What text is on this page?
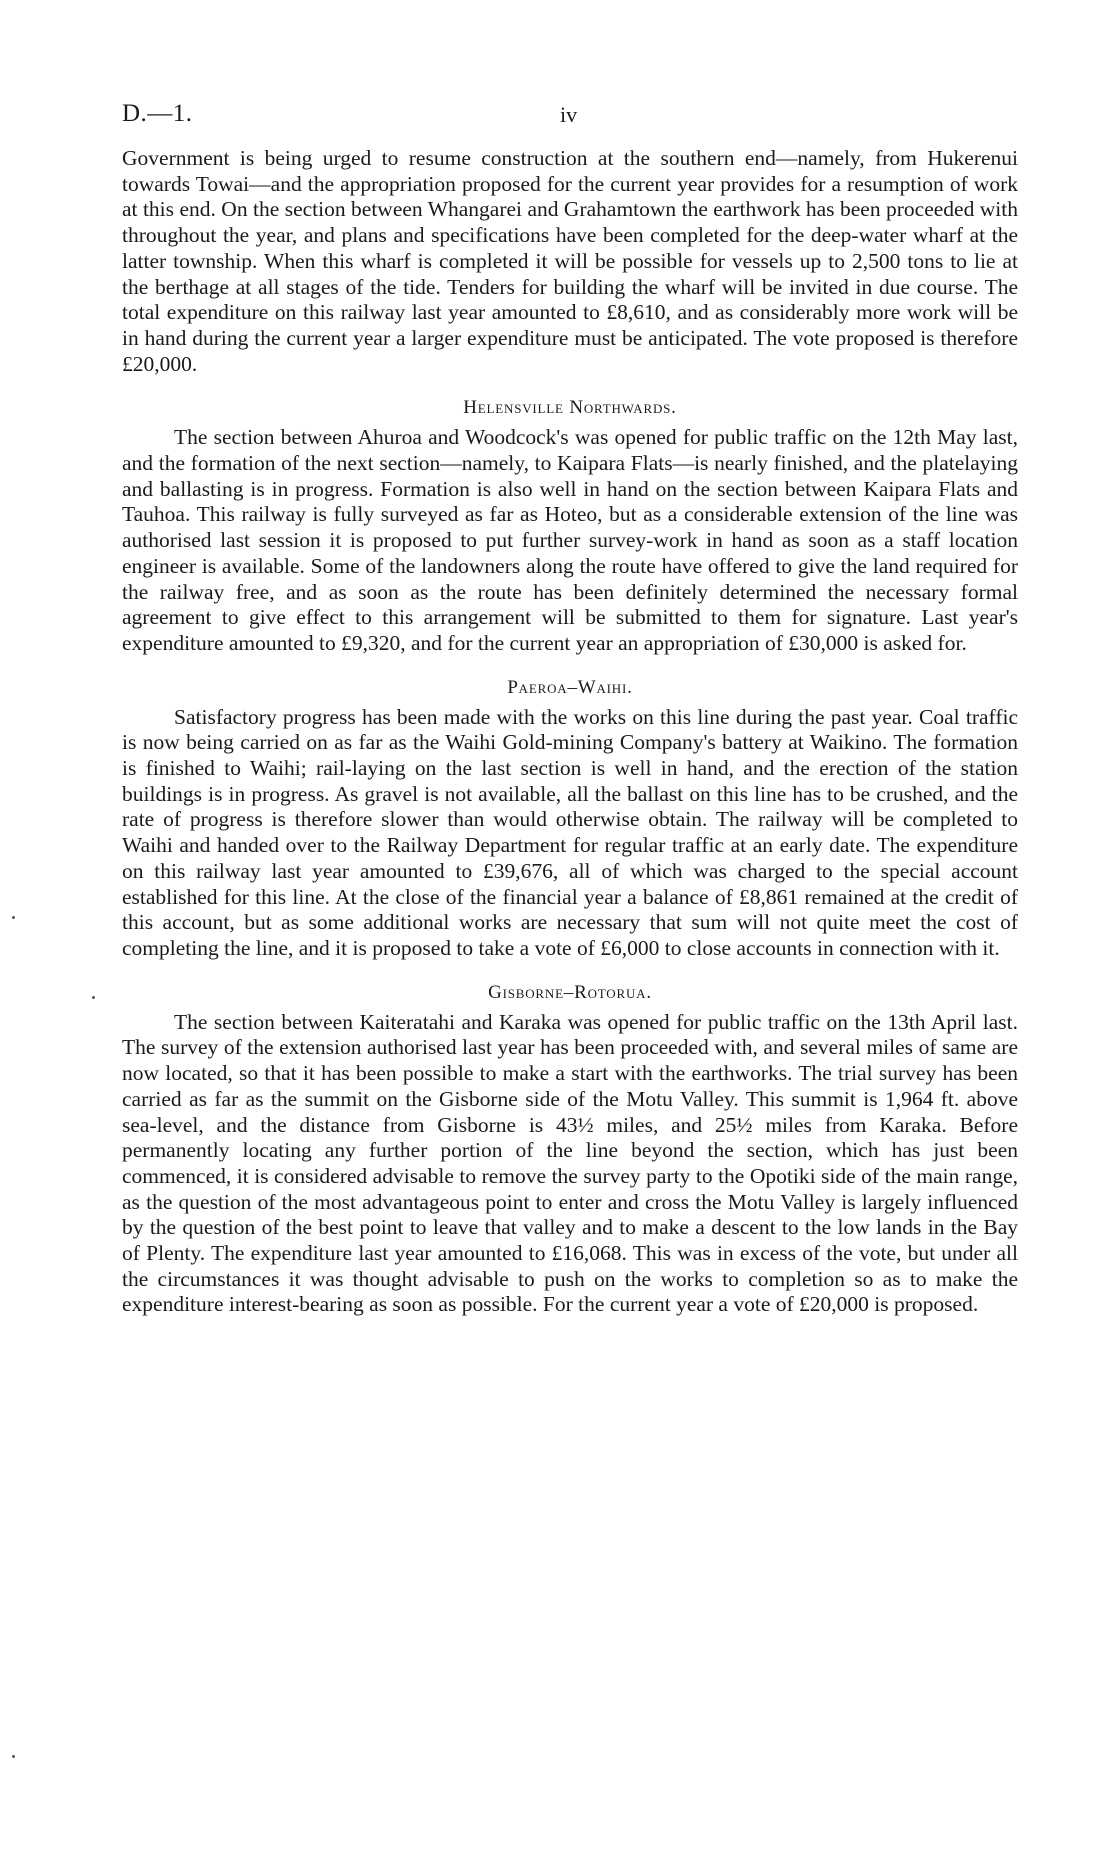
D.—1.	iv

Government is being urged to resume construction at the southern end—namely, from Hukerenui towards Towai—and the appropriation proposed for the current year provides for a resumption of work at this end. On the section between Whangarei and Grahamtown the earthwork has been proceeded with throughout the year, and plans and specifications have been completed for the deep-water wharf at the latter township. When this wharf is completed it will be possible for vessels up to 2,500 tons to lie at the berthage at all stages of the tide. Tenders for building the wharf will be invited in due course. The total expenditure on this railway last year amounted to £8,610, and as considerably more work will be in hand during the current year a larger expenditure must be anticipated. The vote proposed is therefore £20,000.

Helensville Northwards.

The section between Ahuroa and Woodcock's was opened for public traffic on the 12th May last, and the formation of the next section—namely, to Kaipara Flats—is nearly finished, and the platelaying and ballasting is in progress. Formation is also well in hand on the section between Kaipara Flats and Tauhoa. This railway is fully surveyed as far as Hoteo, but as a considerable extension of the line was authorised last session it is proposed to put further survey-work in hand as soon as a staff location engineer is available. Some of the landowners along the route have offered to give the land required for the railway free, and as soon as the route has been definitely determined the necessary formal agreement to give effect to this arrangement will be submitted to them for signature. Last year's expenditure amounted to £9,320, and for the current year an appropriation of £30,000 is asked for.

Paeroa–Waihi.

Satisfactory progress has been made with the works on this line during the past year. Coal traffic is now being carried on as far as the Waihi Gold-mining Company's battery at Waikino. The formation is finished to Waihi; rail-laying on the last section is well in hand, and the erection of the station buildings is in progress. As gravel is not available, all the ballast on this line has to be crushed, and the rate of progress is therefore slower than would otherwise obtain. The railway will be completed to Waihi and handed over to the Railway Department for regular traffic at an early date. The expenditure on this railway last year amounted to £39,676, all of which was charged to the special account established for this line. At the close of the financial year a balance of £8,861 remained at the credit of this account, but as some additional works are necessary that sum will not quite meet the cost of completing the line, and it is proposed to take a vote of £6,000 to close accounts in connection with it.

Gisborne–Rotorua.

The section between Kaiteratahi and Karaka was opened for public traffic on the 13th April last. The survey of the extension authorised last year has been proceeded with, and several miles of same are now located, so that it has been possible to make a start with the earthworks. The trial survey has been carried as far as the summit on the Gisborne side of the Motu Valley. This summit is 1,964 ft. above sea-level, and the distance from Gisborne is 43½ miles, and 25½ miles from Karaka. Before permanently locating any further portion of the line beyond the section, which has just been commenced, it is considered advisable to remove the survey party to the Opotiki side of the main range, as the question of the most advantageous point to enter and cross the Motu Valley is largely influenced by the question of the best point to leave that valley and to make a descent to the low lands in the Bay of Plenty. The expenditure last year amounted to £16,068. This was in excess of the vote, but under all the circumstances it was thought advisable to push on the works to completion so as to make the expenditure interest-bearing as soon as possible. For the current year a vote of £20,000 is proposed.
